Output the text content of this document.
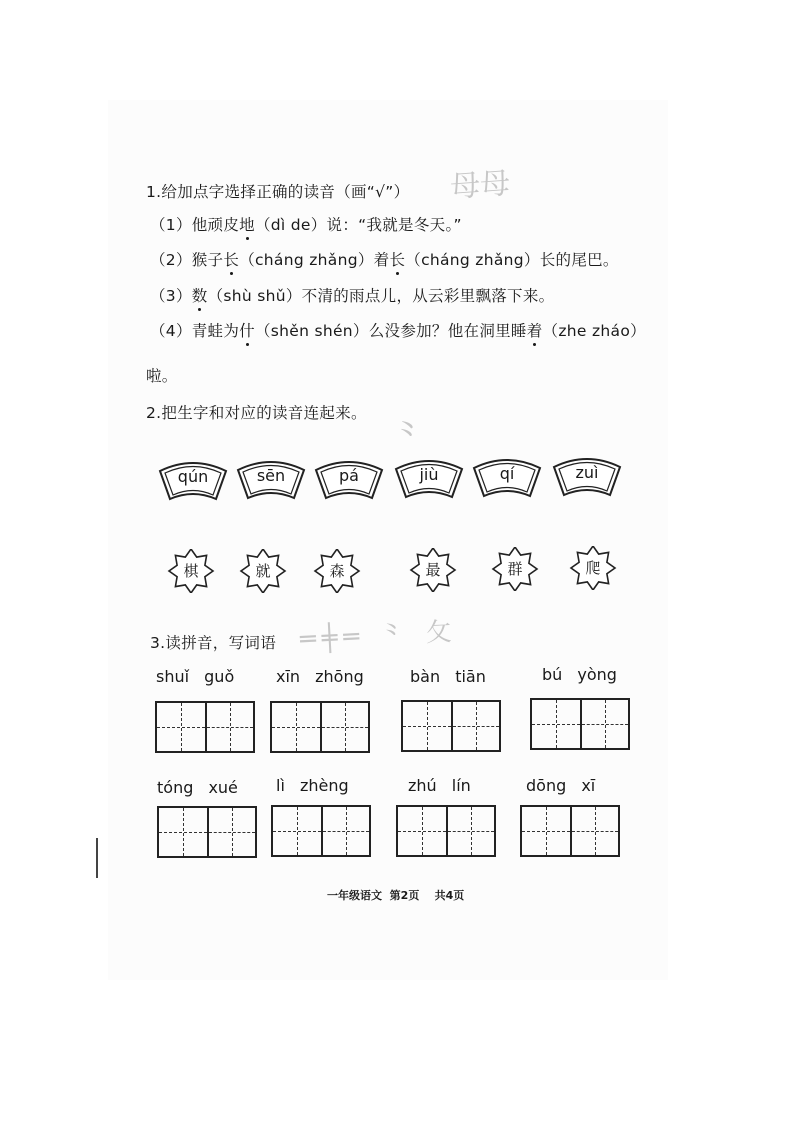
⺟⺟
⺀
═╪═ ⺀ ⺙
1.给加点字选择正确的读音（画“√”）
（1）他顽皮地（dì de）说：“我就是冬天。”
（2）猴子长（cháng zhǎng）着长（cháng zhǎng）长的尾巴。
（3）数（shù shǔ）不清的雨点儿，从云彩里飘落下来。
（4）青蛙为什（shěn shén）么没参加？他在洞里睡着（zhe zháo）
啦。
2.把生字和对应的读音连起来。
qún	sēn	pá	jiù	qí	zuì
棋	就	森	最	群	爬
3.读拼音，写词语
shuǐ guǒ	xīn zhōng	bàn tiān	bú yòng
tóng xué lì zhèng	zhú lín	dōng xī
一年级语文 第2页 共4页
